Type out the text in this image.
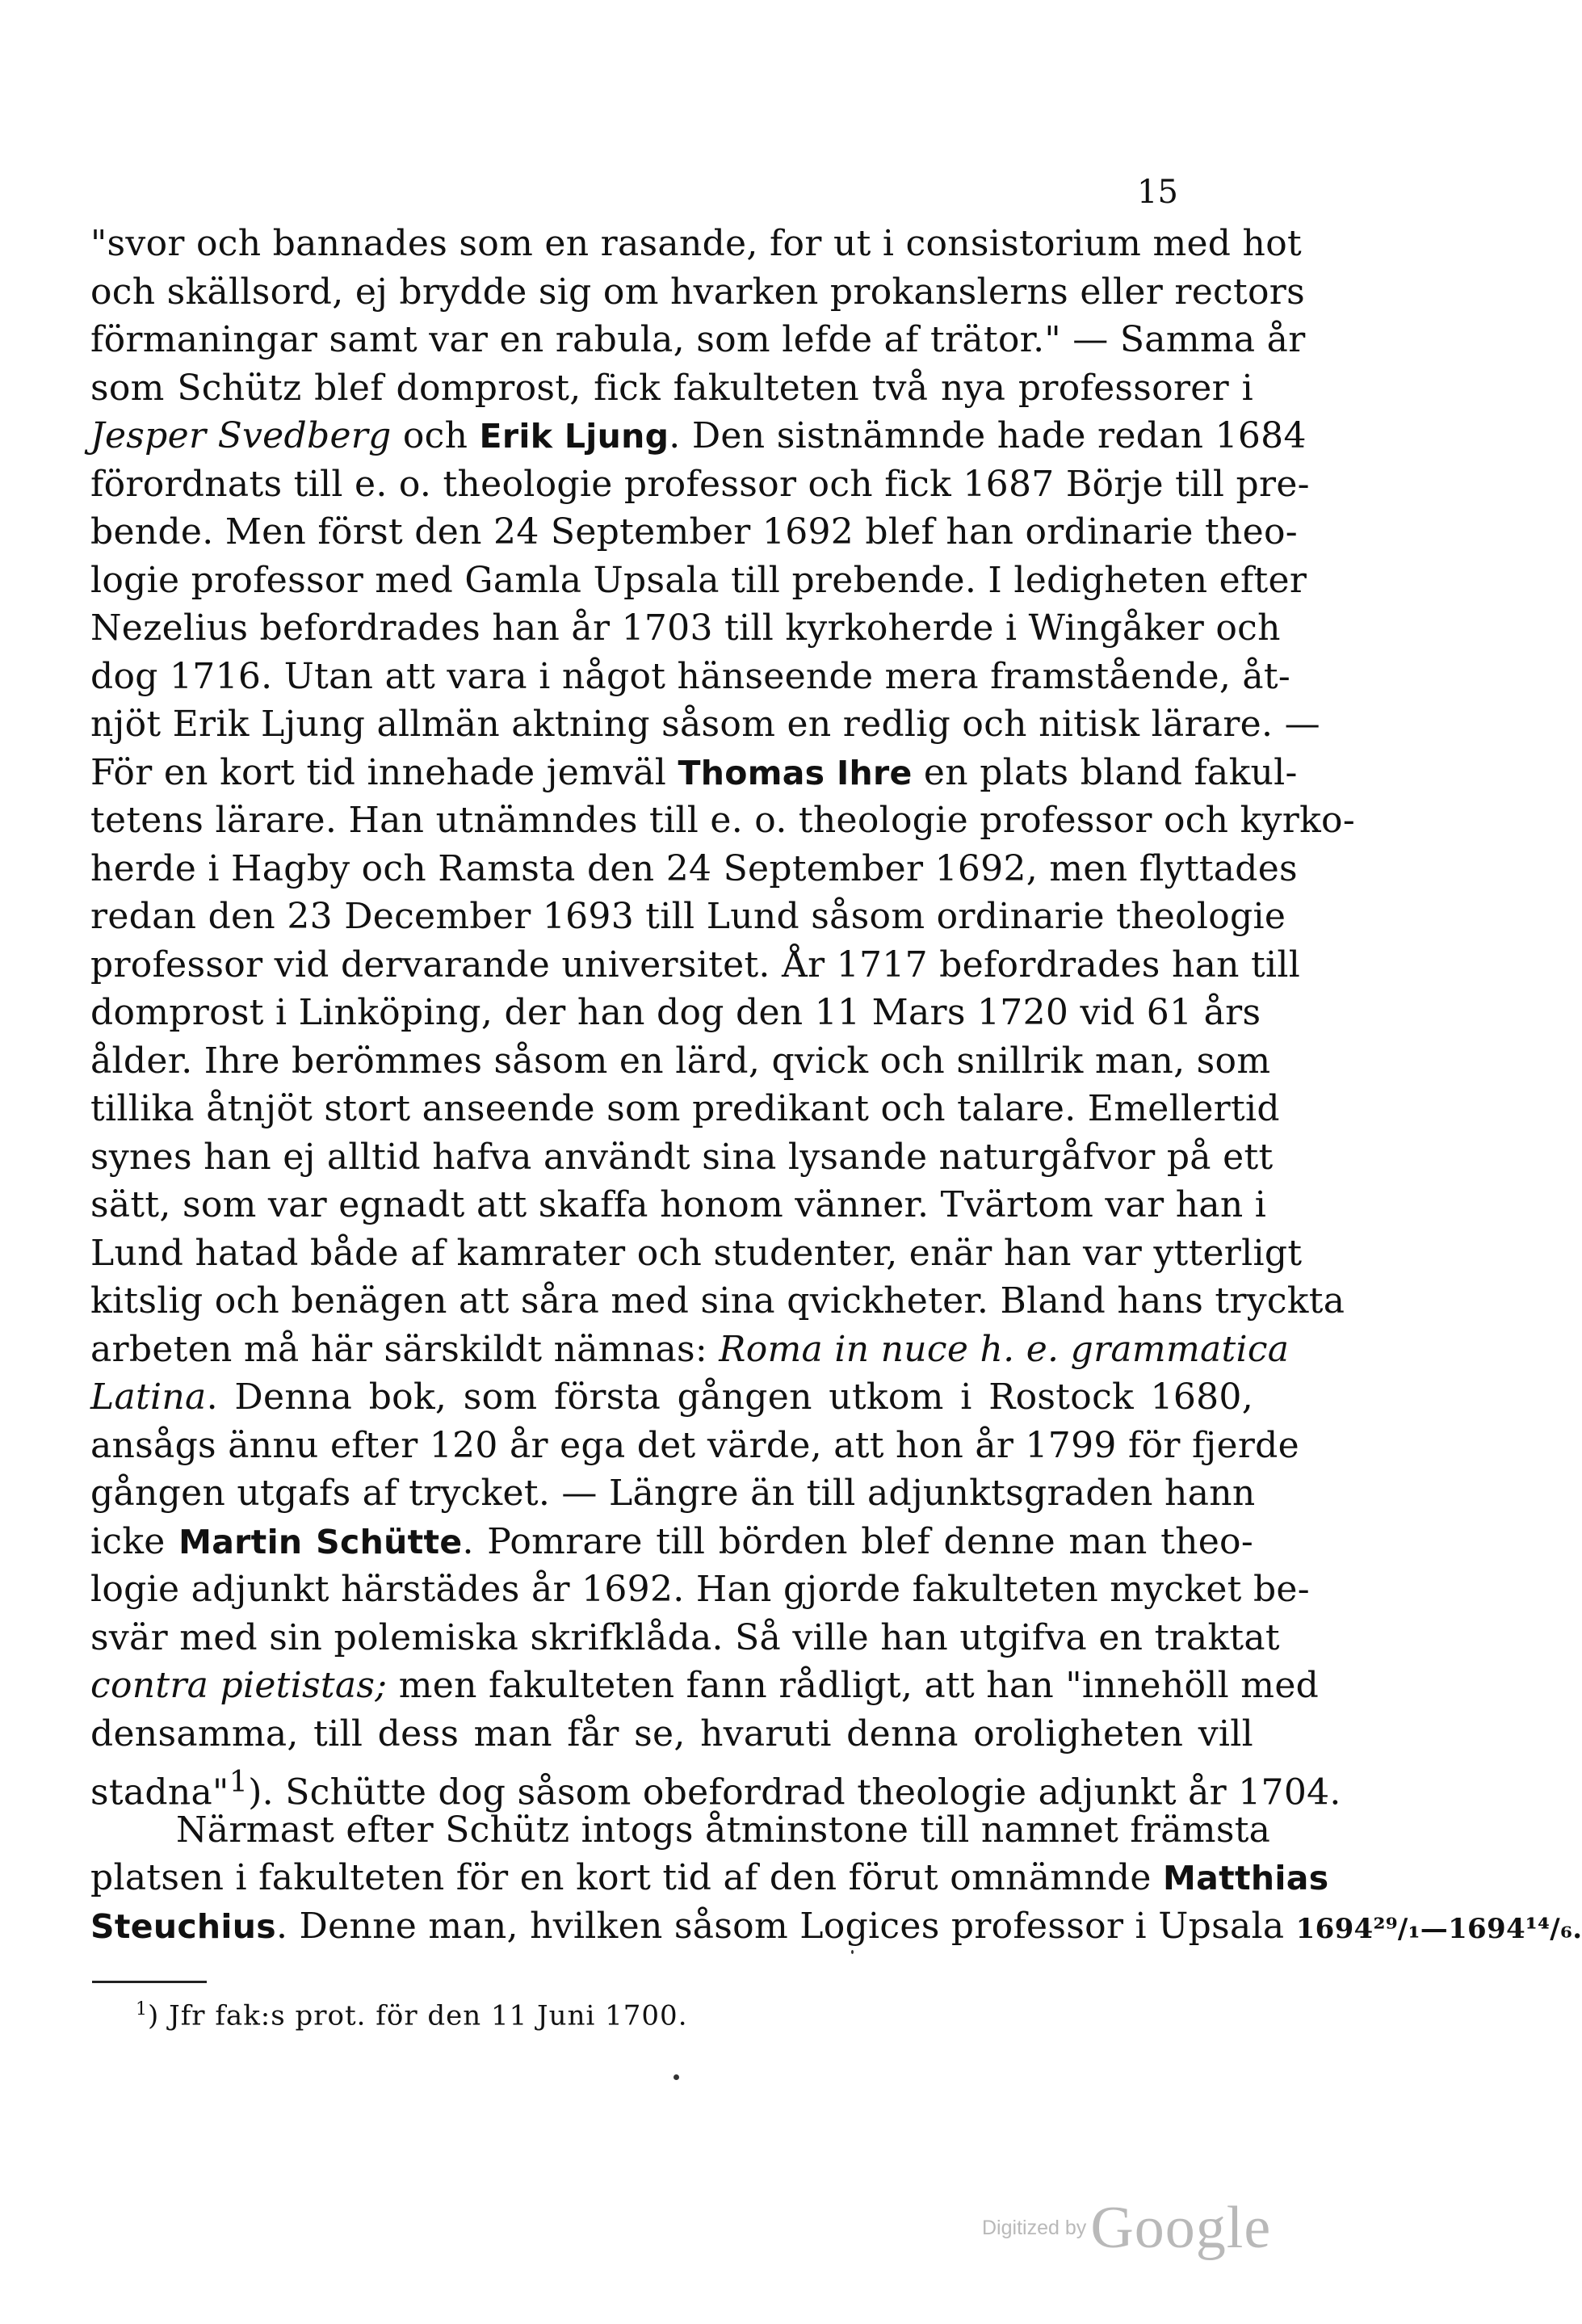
15
"svor och bannades som en rasande, for ut i consistorium med hot
och skällsord, ej brydde sig om hvarken prokanslerns eller rectors
förmaningar samt var en rabula, som lefde af trätor." — Samma år
som Schütz blef domprost, fick fakulteten två nya professorer i
Jesper Svedberg och Erik Ljung. Den sistnämnde hade redan 1684
förordnats till e. o. theologie professor och fick 1687 Börje till pre-
bende. Men först den 24 September 1692 blef han ordinarie theo-
logie professor med Gamla Upsala till prebende. I ledigheten efter
Nezelius befordrades han år 1703 till kyrkoherde i Wingåker och
dog 1716. Utan att vara i något hänseende mera framstående, åt-
njöt Erik Ljung allmän aktning såsom en redlig och nitisk lärare. —
För en kort tid innehade jemväl Thomas Ihre en plats bland fakul-
tetens lärare. Han utnämndes till e. o. theologie professor och kyrko-
herde i Hagby och Ramsta den 24 September 1692, men flyttades
redan den 23 December 1693 till Lund såsom ordinarie theologie
professor vid dervarande universitet. År 1717 befordrades han till
domprost i Linköping, der han dog den 11 Mars 1720 vid 61 års
ålder. Ihre berömmes såsom en lärd, qvick och snillrik man, som
tillika åtnjöt stort anseende som predikant och talare. Emellertid
synes han ej alltid hafva användt sina lysande naturgåfvor på ett
sätt, som var egnadt att skaffa honom vänner. Tvärtom var han i
Lund hatad både af kamrater och studenter, enär han var ytterligt
kitslig och benägen att såra med sina qvickheter. Bland hans tryckta
arbeten må här särskildt nämnas: Roma in nuce h. e. grammatica
Latina. Denna bok, som första gången utkom i Rostock 1680,
ansågs ännu efter 120 år ega det värde, att hon år 1799 för fjerde
gången utgafs af trycket. — Längre än till adjunktsgraden hann
icke Martin Schütte. Pomrare till börden blef denne man theo-
logie adjunkt härstädes år 1692. Han gjorde fakulteten mycket be-
svär med sin polemiska skrifklåda. Så ville han utgifva en traktat
contra pietistas; men fakulteten fann rådligt, att han "innehöll med
densamma, till dess man får se, hvaruti denna oroligheten vill
stadna"$^1$). Schütte dog såsom obefordrad theologie adjunkt år 1704.
Närmast efter Schütz intogs åtminstone till namnet främsta
platsen i fakulteten för en kort tid af den förut omnämnde Matthias
Steuchius. Denne man, hvilken såsom Logices professor i Upsala 1694²⁹/₁—1694¹⁴/₆.
$^1$) Jfr fak:s prot. för den 11 Juni 1700.
Digitized by Google
